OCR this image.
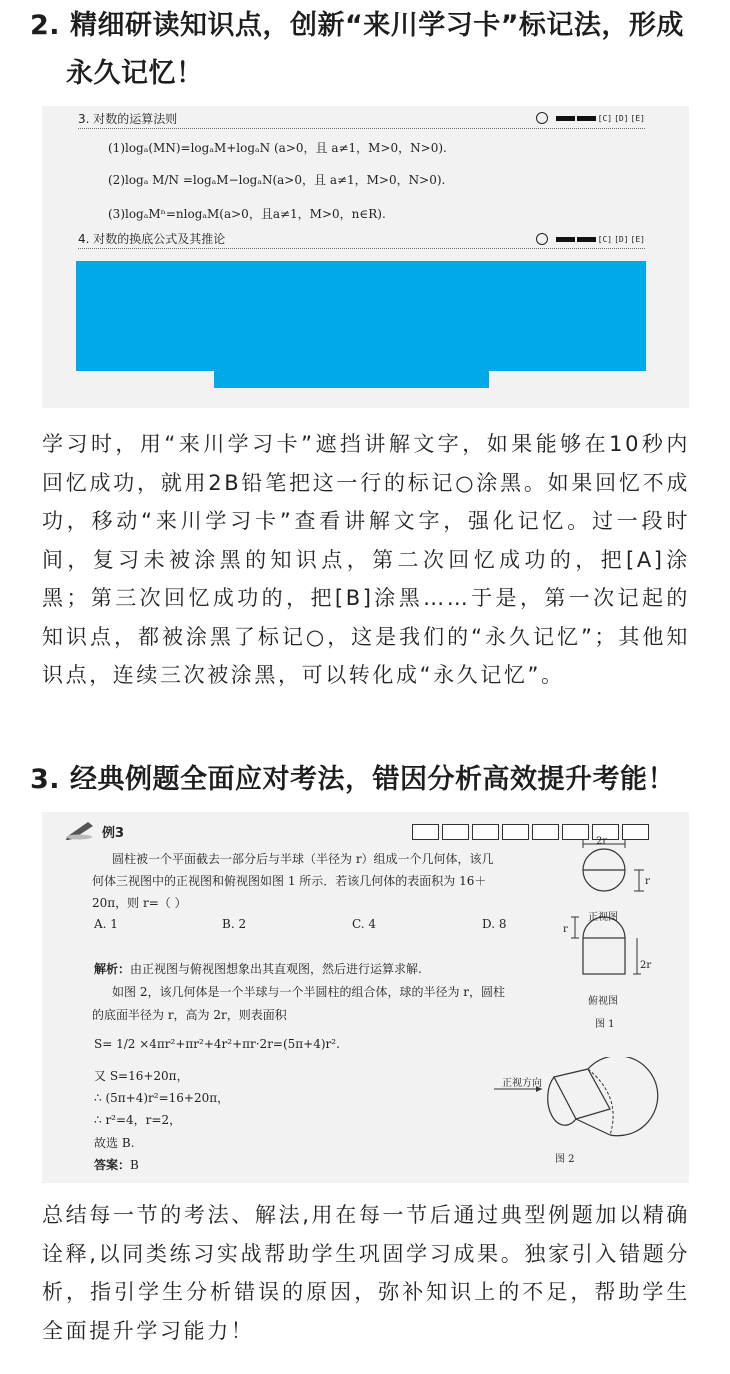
2. 精细研读知识点，创新“来川学习卡”标记法，形成
永久记忆！
3. 对数的运算法则	[C] [D] [E]
(1)logₐ(MN)=logₐM+logₐN (a>0，且 a≠1，M>0，N>0).
(2)logₐ M/N =logₐM−logₐN(a>0，且 a≠1，M>0，N>0).
(3)logₐMⁿ=nlogₐM(a>0，且a≠1，M>0，n∈R).
4. 对数的换底公式及其推论	[C] [D] [E]

学习时，用“来川学习卡”遮挡讲解文字，如果能够在10秒内回忆成功，就用2B铅笔把这一行的标记○涂黑。如果回忆不成功，移动“来川学习卡”查看讲解文字，强化记忆。过一段时间，复习未被涂黑的知识点，第二次回忆成功的，把[A]涂黑；第三次回忆成功的，把[B]涂黑……于是，第一次记起的知识点，都被涂黑了标记○，这是我们的“永久记忆”；其他知识点，连续三次被涂黑，可以转化成“永久记忆”。

3. 经典例题全面应对考法，错因分析高效提升考能！
例3
圆柱被一个平面截去一部分后与半球（半径为 r）组成一个几何体，该几
何体三视图中的正视图和俯视图如图 1 所示．若该几何体的表面积为 16＋
20π，则 r=（ ）
A. 1	B. 2	C. 4	D. 8
解析：由正视图与俯视图想象出其直观图，然后进行运算求解.
如图 2，该几何体是一个半球与一个半圆柱的组合体，球的半径为 r，圆柱
的底面半径为 r，高为 2r，则表面积
S= 1/2 ×4πr²+πr²+4r²+πr·2r=(5π+4)r².
又 S=16+20π，
∴ (5π+4)r²=16+20π，
∴ r²=4，r=2，
故选 B.
答案：B
2r
r
正视图
r
2r
俯视图
图 1
正视方向
图 2

总结每一节的考法、解法,用在每一节后通过典型例题加以精确诠释,以同类练习实战帮助学生巩固学习成果。独家引入错题分析，指引学生分析错误的原因，弥补知识上的不足，帮助学生全面提升学习能力！
